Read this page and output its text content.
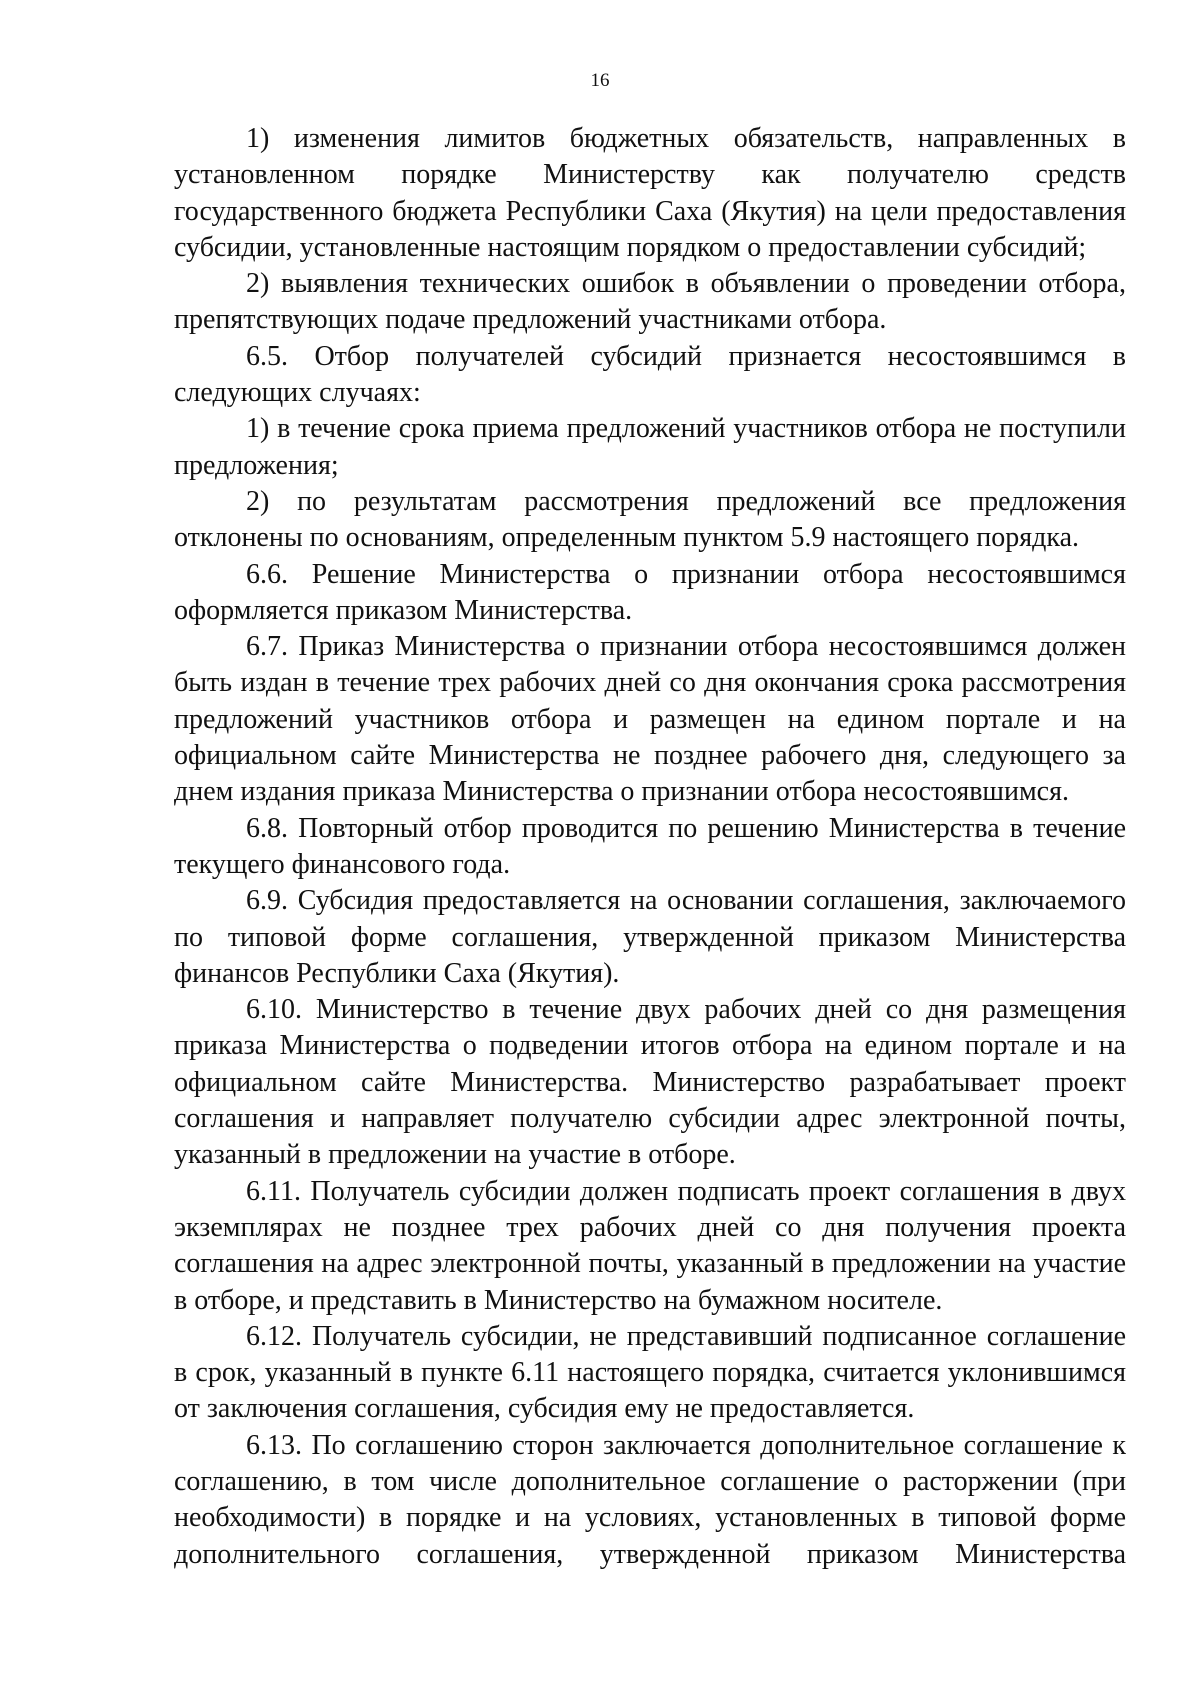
16

1) изменения лимитов бюджетных обязательств, направленных в установленном порядке Министерству как получателю средств государственного бюджета Республики Саха (Якутия) на цели предоставления субсидии, установленные настоящим порядком о предоставлении субсидий;

2) выявления технических ошибок в объявлении о проведении отбора, препятствующих подаче предложений участниками отбора.

6.5. Отбор получателей субсидий признается несостоявшимся в следующих случаях:

1) в течение срока приема предложений участников отбора не поступили предложения;

2) по результатам рассмотрения предложений все предложения отклонены по основаниям, определенным пунктом 5.9 настоящего порядка.

6.6. Решение Министерства о признании отбора несостоявшимся оформляется приказом Министерства.

6.7. Приказ Министерства о признании отбора несостоявшимся должен быть издан в течение трех рабочих дней со дня окончания срока рассмотрения предложений участников отбора и размещен на едином портале и на официальном сайте Министерства не позднее рабочего дня, следующего за днем издания приказа Министерства о признании отбора несостоявшимся.

6.8. Повторный отбор проводится по решению Министерства в течение текущего финансового года.

6.9. Субсидия предоставляется на основании соглашения, заключаемого по типовой форме соглашения, утвержденной приказом Министерства финансов Республики Саха (Якутия).

6.10. Министерство в течение двух рабочих дней со дня размещения приказа Министерства о подведении итогов отбора на едином портале и на официальном сайте Министерства. Министерство разрабатывает проект соглашения и направляет получателю субсидии адрес электронной почты, указанный в предложении на участие в отборе.

6.11. Получатель субсидии должен подписать проект соглашения в двух экземплярах не позднее трех рабочих дней со дня получения проекта соглашения на адрес электронной почты, указанный в предложении на участие в отборе, и представить в Министерство на бумажном носителе.

6.12. Получатель субсидии, не представивший подписанное соглашение в срок, указанный в пункте 6.11 настоящего порядка, считается уклонившимся от заключения соглашения, субсидия ему не предоставляется.

6.13. По соглашению сторон заключается дополнительное соглашение к соглашению, в том числе дополнительное соглашение о расторжении (при необходимости) в порядке и на условиях, установленных в типовой форме дополнительного соглашения, утвержденной приказом Министерства
